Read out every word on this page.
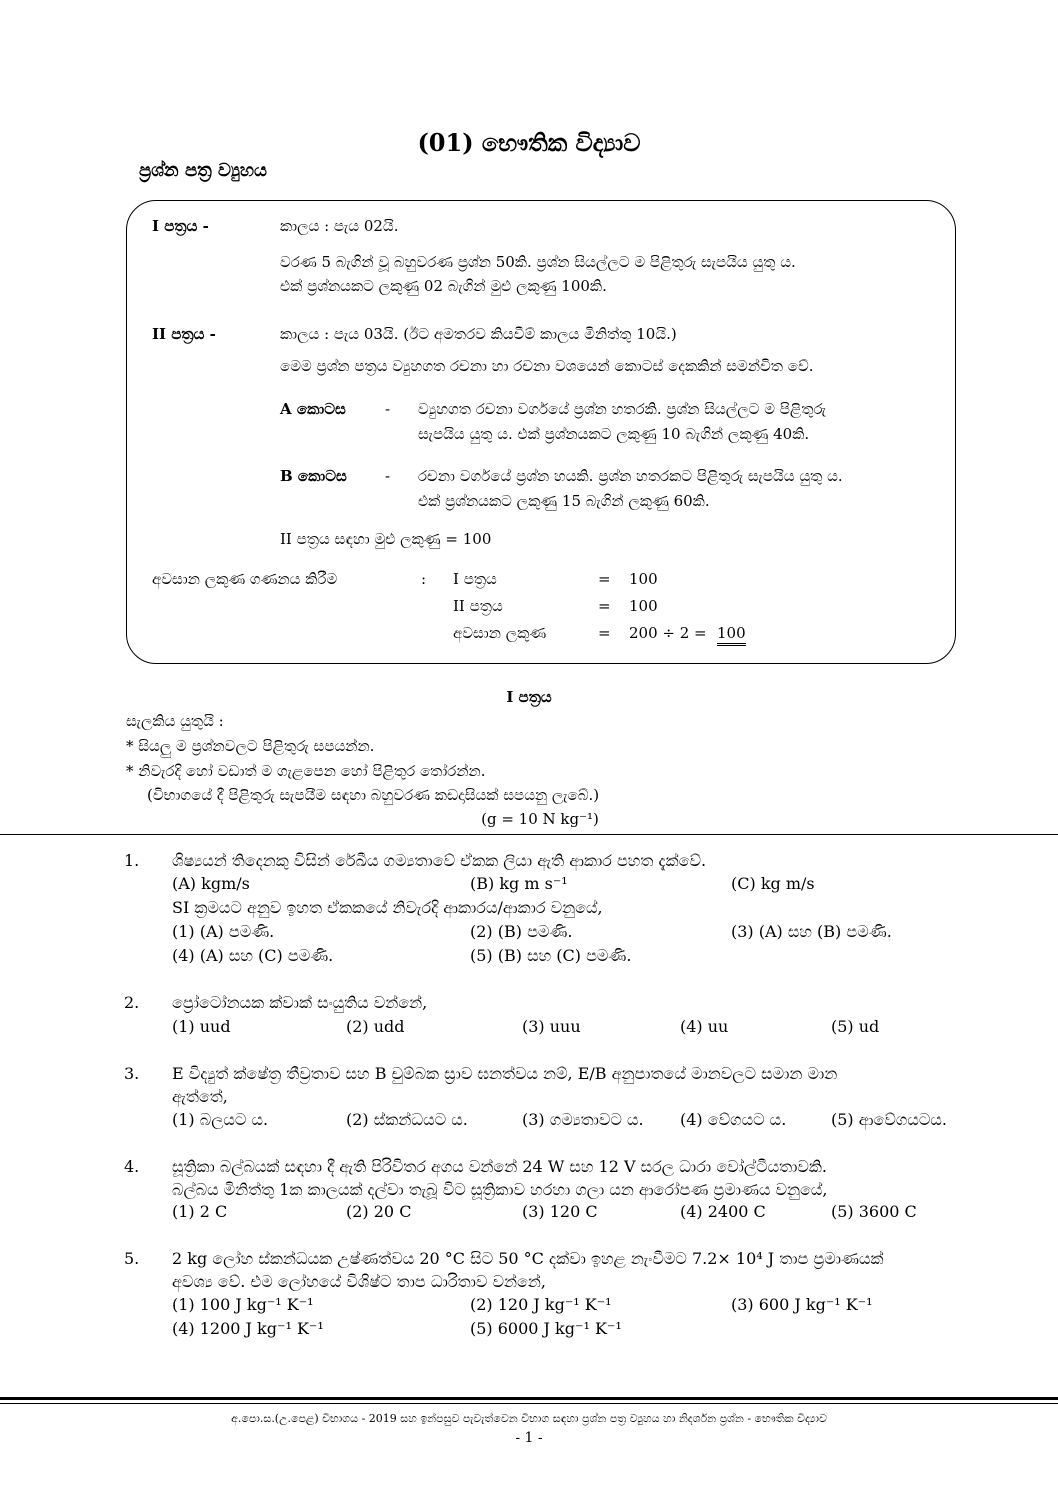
(01) භෞතික විද්‍යාව
ප්‍රශ්න පත්‍ර ව්‍යුහය
I පත්‍රය -	කාලය : පැය 02යි.
වරණ 5 බැගින් වූ බහුවරණ ප්‍රශ්න 50කි. ප්‍රශ්න සියල්ලට ම පිළිතුරු සැපයිය යුතු ය.
එක් ප්‍රශ්නයකට ලකුණු 02 බැගින් මුළු ලකුණු 100කි.
II පත්‍රය -	කාලය : පැය 03යි. (ඊට අමතරව කියවීම් කාලය මිනිත්තු 10යි.)
මෙම ප්‍රශ්න පත්‍රය ව්‍යුහගත රචනා හා රචනා වශයෙන් කොටස් දෙකකින් සමන්විත වේ.
A කොටස	- ව්‍යුහගත රචනා වර්ගයේ ප්‍රශ්න හතරකි. ප්‍රශ්න සියල්ලට ම පිළිතුරු
සැපයිය යුතු ය. එක් ප්‍රශ්නයකට ලකුණු 10 බැගින් ලකුණු 40කි.
B කොටස	- රචනා වර්ගයේ ප්‍රශ්න හයකි. ප්‍රශ්න හතරකට පිළිතුරු සැපයිය යුතු ය.
එක් ප්‍රශ්නයකට ලකුණු 15 බැගින් ලකුණු 60කි.
II පත්‍රය සඳහා මුළු ලකුණු = 100
අවසාන ලකුණ ගණනය කිරීම	: I පත්‍රය	= 100
II පත්‍රය	= 100
අවසාන ලකුණ	= 200 ÷ 2 = 100
I පත්‍රය
සැලකිය යුතුයි :
* සියලු ම ප්‍රශ්නවලට පිළිතුරු සපයන්න.
* නිවැරදි හෝ වඩාත් ම ගැළපෙන හෝ පිළිතුර තෝරන්න.
(විභාගයේ දී පිළිතුරු සැපයීම සඳහා බහුවරණ කඩදාසියක් සපයනු ලැබේ.)
(g = 10 N kg⁻¹)
1. ශිෂ්‍යයන් තිදෙනකු විසින් රේඛීය ගම්‍යතාවේ ඒකක ලියා ඇති ආකාර පහත දැක්වේ.
(A) kgm/s	(B) kg m s⁻¹	(C) kg m/s
SI ක්‍රමයට අනුව ඉහත ඒකකයේ නිවැරදි ආකාරය/ආකාර වනුයේ,
(1) (A) පමණි.	(2) (B) පමණි.	(3) (A) සහ (B) පමණි.
(4) (A) සහ (C) පමණි.	(5) (B) සහ (C) පමණි.
2. ප්‍රෝටෝනයක ක්වාක් සංයුතිය වන්නේ,
(1) uud	(2) udd	(3) uuu	(4) uu	(5) ud
3. E විද්‍යුත් ක්ෂේත්‍ර තීව්‍රතාව සහ B චුම්බක ස්‍රාව ඝනත්වය නම්, E/B අනුපාතයේ මානවලට සමාන මාන
ඇත්තේ,
(1) බලයට ය.	(2) ස්කන්ධයට ය.	(3) ගම්‍යතාවට ය. (4) වේගයට ය.	(5) ආවේගයටය.
4. සූත්‍රිකා බල්බයක් සඳහා දී ඇති පිරිවිතර අගය වන්නේ 24 W සහ 12 V සරල ධාරා වෝල්ටීයතාවකි.
බල්බය මිනිත්තු 1ක කාලයක් දල්වා තැබූ විට සූත්‍රිකාව හරහා ගලා යන ආරෝපණ ප්‍රමාණය වනුයේ,
(1) 2 C	(2) 20 C	(3) 120 C	(4) 2400 C	(5) 3600 C
5. 2 kg ලෝහ ස්කන්ධයක උෂ්ණත්වය 20 °C සිට 50 °C දක්වා ඉහළ නැංවීමට 7.2× 10⁴ J තාප ප්‍රමාණයක්
අවශ්‍ය වේ. එම ලෝහයේ විශිෂ්ට තාප ධාරිතාව වන්නේ,
(1) 100 J kg⁻¹ K⁻¹	(2) 120 J kg⁻¹ K⁻¹	(3) 600 J kg⁻¹ K⁻¹
(4) 1200 J kg⁻¹ K⁻¹	(5) 6000 J kg⁻¹ K⁻¹
අ.පො.ස.(උ.පෙළ) විභාගය - 2019 සහ ඉන්පසුව පැවැත්වෙන විභාග සඳහා ප්‍රශ්න පත්‍ර ව්‍යුහය හා නිදර්ශන ප්‍රශ්න - භෞතික විද්‍යාව
- 1 -
